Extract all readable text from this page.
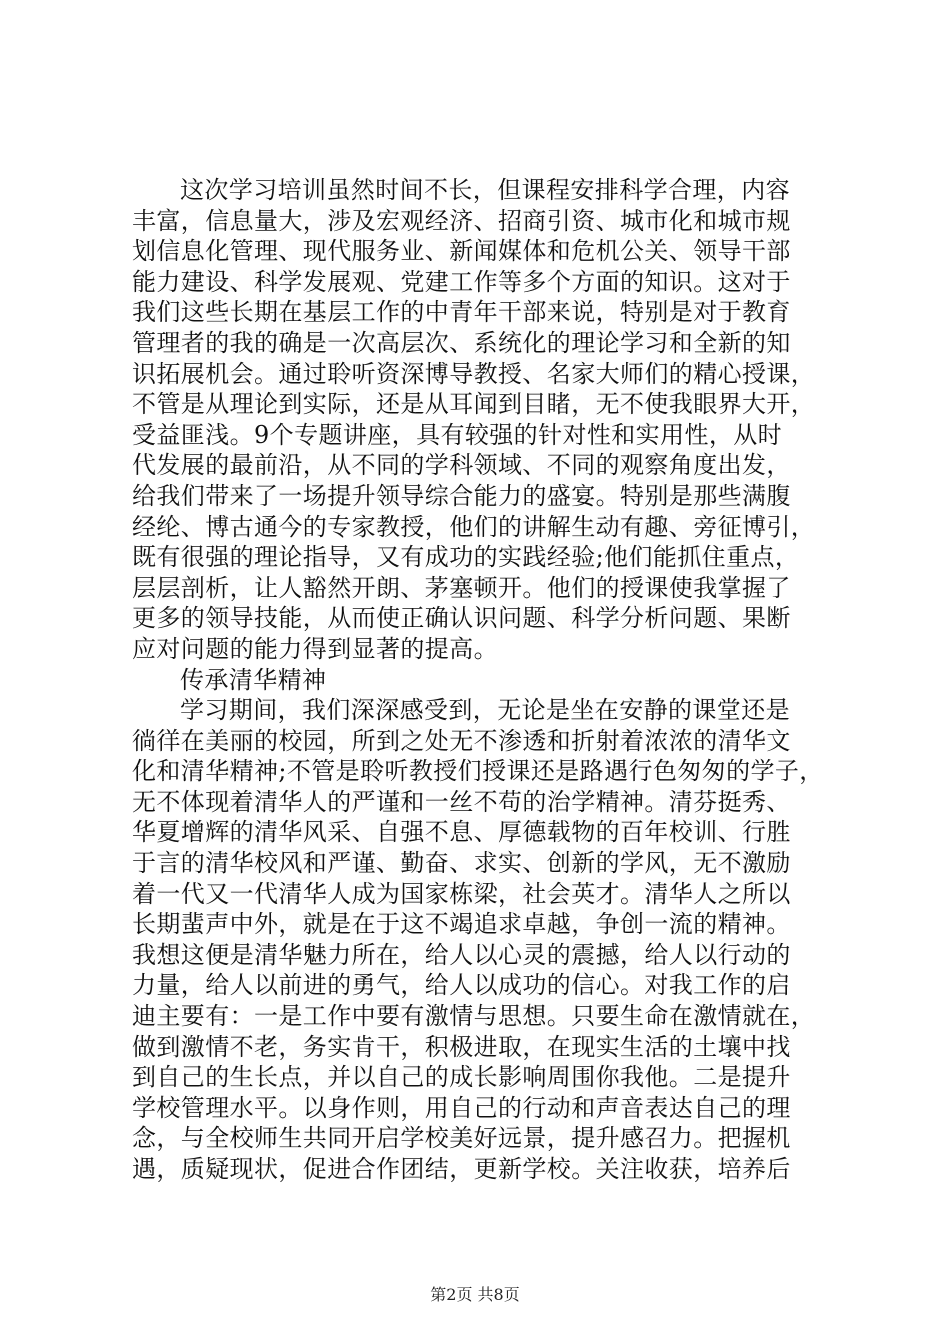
这次学习培训虽然时间不长，但课程安排科学合理，内容
丰富，信息量大，涉及宏观经济、招商引资、城市化和城市规
划信息化管理、现代服务业、新闻媒体和危机公关、领导干部
能力建设、科学发展观、党建工作等多个方面的知识。这对于
我们这些长期在基层工作的中青年干部来说，特别是对于教育
管理者的我的确是一次高层次、系统化的理论学习和全新的知
识拓展机会。通过聆听资深博导教授、名家大师们的精心授课，
不管是从理论到实际，还是从耳闻到目睹，无不使我眼界大开，
受益匪浅。9个专题讲座，具有较强的针对性和实用性，从时
代发展的最前沿，从不同的学科领域、不同的观察角度出发，
给我们带来了一场提升领导综合能力的盛宴。特别是那些满腹
经纶、博古通今的专家教授，他们的讲解生动有趣、旁征博引，
既有很强的理论指导，又有成功的实践经验;他们能抓住重点，
层层剖析，让人豁然开朗、茅塞顿开。他们的授课使我掌握了
更多的领导技能，从而使正确认识问题、科学分析问题、果断
应对问题的能力得到显著的提高。
传承清华精神
学习期间，我们深深感受到，无论是坐在安静的课堂还是
徜徉在美丽的校园，所到之处无不渗透和折射着浓浓的清华文
化和清华精神;不管是聆听教授们授课还是路遇行色匆匆的学子，
无不体现着清华人的严谨和一丝不苟的治学精神。清芬挺秀、
华夏增辉的清华风采、自强不息、厚德载物的百年校训、行胜
于言的清华校风和严谨、勤奋、求实、创新的学风，无不激励
着一代又一代清华人成为国家栋梁，社会英才。清华人之所以
长期蜚声中外，就是在于这不竭追求卓越，争创一流的精神。
我想这便是清华魅力所在，给人以心灵的震撼，给人以行动的
力量，给人以前进的勇气，给人以成功的信心。对我工作的启
迪主要有：一是工作中要有激情与思想。只要生命在激情就在，
做到激情不老，务实肯干，积极进取，在现实生活的土壤中找
到自己的生长点，并以自己的成长影响周围你我他。二是提升
学校管理水平。以身作则，用自己的行动和声音表达自己的理
念，与全校师生共同开启学校美好远景，提升感召力。把握机
遇，质疑现状，促进合作团结，更新学校。关注收获，培养后
第2页 共8页
